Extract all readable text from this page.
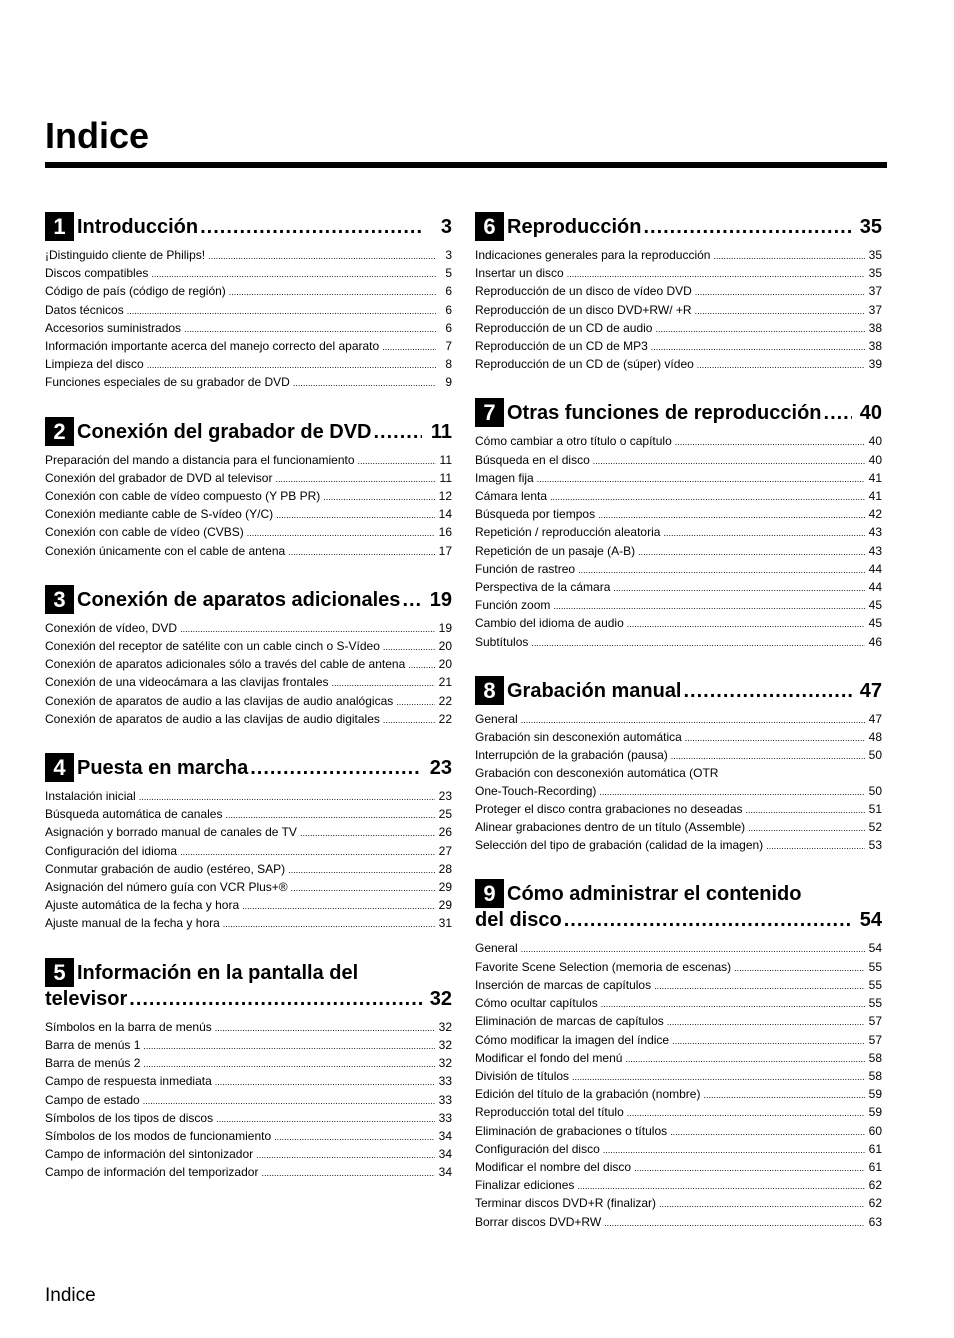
Indice
1 Introducción .....	3
¡Distinguido cliente de Philips! .....	3
Discos compatibles .....	5
Código de país (código de región) .....	6
Datos técnicos .....	6
Accesorios suministrados .....	6
Información importante acerca del manejo correcto del aparato .....	7
Limpieza del disco .....	8
Funciones especiales de su grabador de DVD .....	9
2 Conexión del grabador de DVD .....	11
Preparación del mando a distancia para el funcionamiento .....	11
Conexión del grabador de DVD al televisor .....	11
Conexión con cable de vídeo compuesto (Y PB PR) .....	12
Conexión mediante cable de S-vídeo (Y/C) .....	14
Conexión con cable de vídeo (CVBS) .....	16
Conexión únicamente con el cable de antena .....	17
3 Conexión de aparatos adicionales ..... 19
Conexión de vídeo, DVD .....	19
Conexión del receptor de satélite con un cable cinch o S-Vídeo .....	20
Conexión de aparatos adicionales sólo a través del cable de antena .....	20
Conexión de una videocámara a las clavijas frontales .....	21
Conexión de aparatos de audio a las clavijas de audio analógicas .....	22
Conexión de aparatos de audio a las clavijas de audio digitales .....	22
4 Puesta en marcha .....	23
Instalación inicial .....	23
Búsqueda automática de canales .....	25
Asignación y borrado manual de canales de TV .....	26
Configuración del idioma .....	27
Conmutar grabación de audio (estéreo, SAP) .....	28
Asignación del número guía con VCR Plus+® .....	29
Ajuste automática de la fecha y hora .....	29
Ajuste manual de la fecha y hora .....	31
5 Información en la pantalla del
televisor .....	32
Símbolos en la barra de menús .....	32
Barra de menús 1 .....	32
Barra de menús 2 .....	32
Campo de respuesta inmediata .....	33
Campo de estado .....	33
Símbolos de los tipos de discos .....	33
Símbolos de los modos de funcionamiento .....	34
Campo de información del sintonizador .....	34
Campo de información del temporizador .....	34
6 Reproducción .....	35
Indicaciones generales para la reproducción .....	35
Insertar un disco .....	35
Reproducción de un disco de vídeo DVD .....	37
Reproducción de un disco DVD+RW/ +R .....	37
Reproducción de un CD de audio .....	38
Reproducción de un CD de MP3 .....	38
Reproducción de un CD de (súper) vídeo .....	39
7 Otras funciones de reproducción ..... 40
Cómo cambiar a otro título o capítulo .....	40
Búsqueda en el disco .....	40
Imagen fija .....	41
Cámara lenta .....	41
Búsqueda por tiempos .....	42
Repetición / reproducción aleatoria .....	43
Repetición de un pasaje (A-B) .....	43
Función de rastreo .....	44
Perspectiva de la cámara .....	44
Función zoom .....	45
Cambio del idioma de audio .....	45
Subtítulos .....	46
8 Grabación manual .....	47
General .....	47
Grabación sin desconexión automática .....	48
Interrupción de la grabación (pausa) .....	50
Grabación con desconexión automática (OTR
One-Touch-Recording) .....	50
Proteger el disco contra grabaciones no deseadas .....	51
Alinear grabaciones dentro de un título (Assemble) .....	52
Selección del tipo de grabación (calidad de la imagen) .....	53
9 Cómo administrar el contenido
del disco .....	54
General .....	54
Favorite Scene Selection (memoria de escenas) .....	55
Inserción de marcas de capítulos .....	55
Cómo ocultar capítulos .....	55
Eliminación de marcas de capítulos .....	57
Cómo modificar la imagen del índice .....	57
Modificar el fondo del menú .....	58
División de títulos .....	58
Edición del título de la grabación (nombre) .....	59
Reproducción total del título .....	59
Eliminación de grabaciones o títulos .....	60
Configuración del disco .....	61
Modificar el nombre del disco .....	61
Finalizar ediciones .....	62
Terminar discos DVD+R (finalizar) .....	62
Borrar discos DVD+RW .....	63
Indice
